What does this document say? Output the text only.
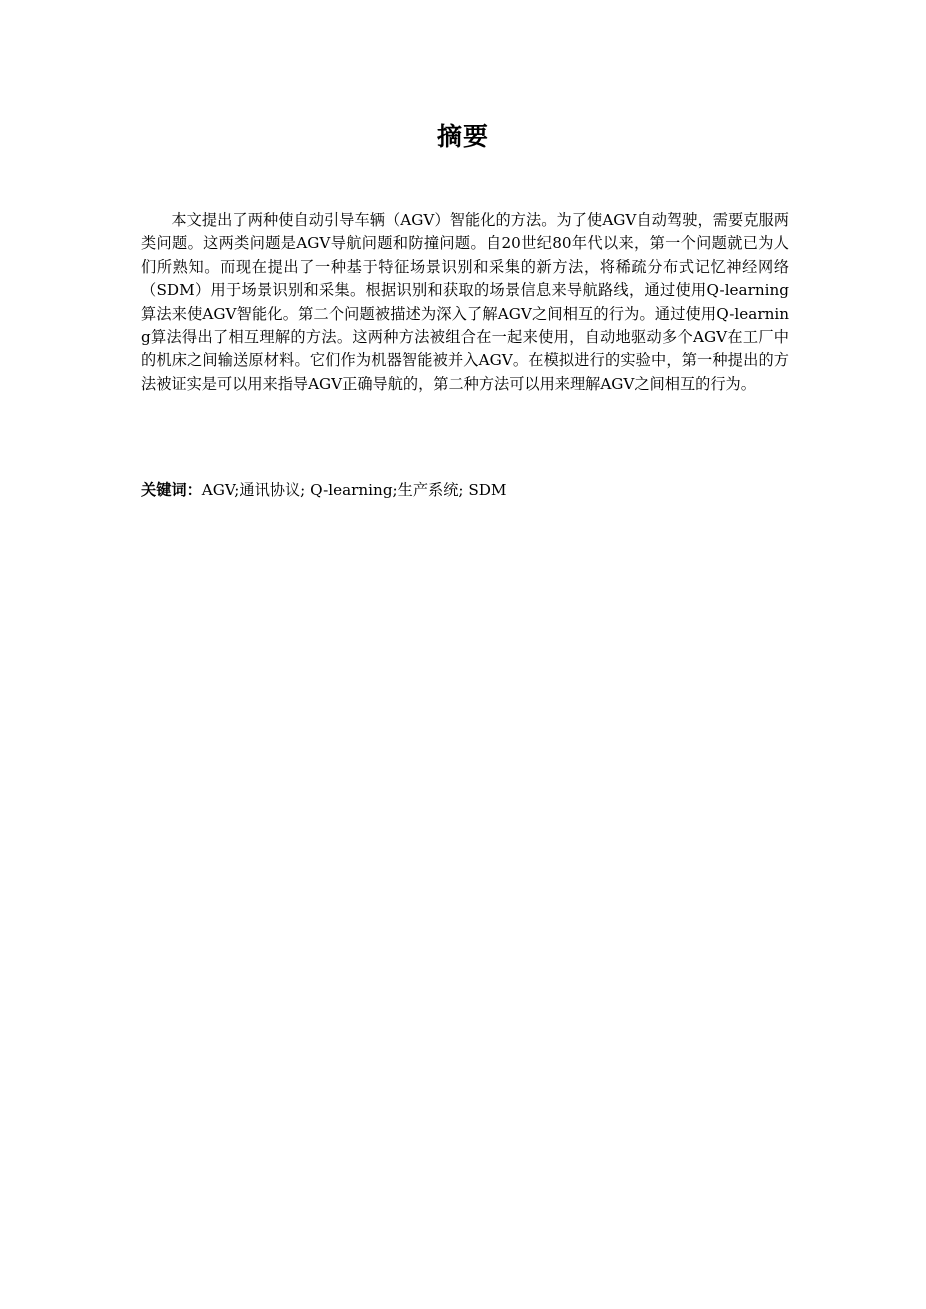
摘要

本文提出了两种使自动引导车辆（AGV）智能化的方法。为了使AGV自动驾驶，需要克服两类问题。这两类问题是AGV导航问题和防撞问题。自20世纪80年代以来，第一个问题就已为人们所熟知。而现在提出了一种基于特征场景识别和采集的新方法，将稀疏分布式记忆神经网络（SDM）用于场景识别和采集。根据识别和获取的场景信息来导航路线，通过使用Q-learning算法来使AGV智能化。第二个问题被描述为深入了解AGV之间相互的行为。通过使用Q-learning算法得出了相互理解的方法。这两种方法被组合在一起来使用，自动地驱动多个AGV在工厂中的机床之间输送原材料。它们作为机器智能被并入AGV。在模拟进行的实验中，第一种提出的方法被证实是可以用来指导AGV正确导航的，第二种方法可以用来理解AGV之间相互的行为。

关键词：AGV;通讯协议; Q-learning;生产系统; SDM
